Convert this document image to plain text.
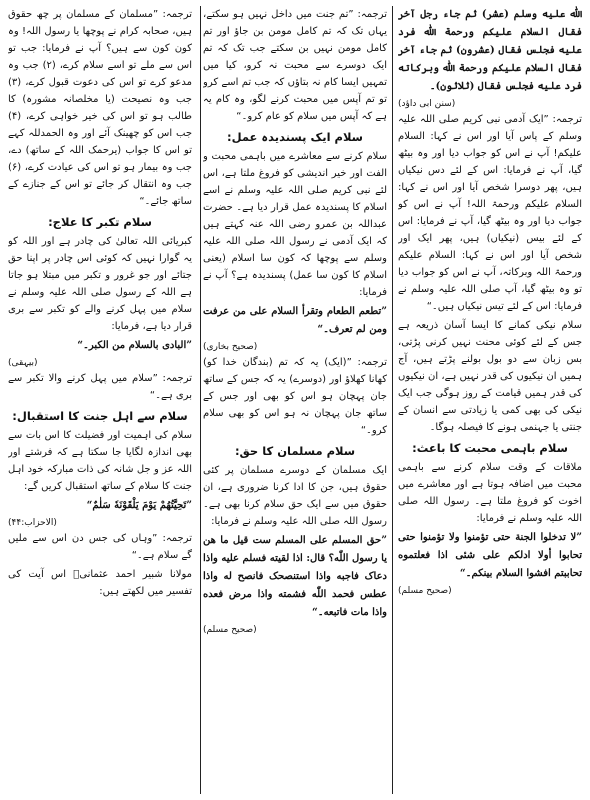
اللّٰه علیه وسلم (عشر) ثم جاء رجل آخر فقال السلام علیکم ورحمة اللّٰه فرد علیه فجلس فقال (عشرون) ثم جاء آخر فقال السلام علیکم ورحمة اللّٰه وبرکاته فرد علیه فجلس فقال (ثلاثون)۔

(سنن ابی داؤد)

ترجمہ: ”ایک آدمی نبی کریم صلی اللہ علیہ وسلم کے پاس آیا اور اس نے کہا: السلام علیکم! آپ نے اس کو جواب دیا اور وہ بیٹھ گیا، آپ نے فرمایا: اس کے لئے دس نیکیاں ہیں، پھر دوسرا شخص آیا اور اس نے کہا: السلام علیکم ورحمۃ اللہ! آپ نے اس کو جواب دیا اور وہ بیٹھ گیا، آپ نے فرمایا: اس کے لئے بیس (نیکیاں) ہیں، پھر ایک اور شخص آیا اور اس نے کہا: السلام علیکم ورحمۃ اللہ وبرکاتہ، آپ نے اس کو جواب دیا تو وہ بیٹھ گیا، آپ صلی اللہ علیہ وسلم نے فرمایا: اس کے لئے تیس نیکیاں ہیں۔“

سلام نیکی کمانے کا ایسا آسان ذریعہ ہے جس کے لئے کوئی محنت نہیں کرنی پڑتی، بس زبان سے دو بول بولنے پڑتے ہیں، آج ہمیں ان نیکیوں کی قدر نہیں ہے، ان نیکیوں کی قدر ہمیں قیامت کے روز ہوگی جب ایک نیکی کی بھی کمی یا زیادتی سے انسان کے جنتی یا جہنمی ہونے کا فیصلہ ہوگا۔

سلام باہمی محبت کا باعث:

ملاقات کے وقت سلام کرنے سے باہمی محبت میں اضافہ ہوتا ہے اور معاشرے میں اخوت کو فروغ ملتا ہے۔ رسول اللہ صلی اللہ علیہ وسلم نے فرمایا:

”لا تدخلوا الجنة حتی تؤمنوا ولا تؤمنوا حتی تحابوا أولا ادلکم علی شئی اذا فعلتموه تحاببتم افشوا السلام بینکم۔“

(صحیح مسلم)

ترجمہ: ”تم جنت میں داخل نہیں ہو سکتے، یہاں تک کہ تم کامل مومن بن جاؤ اور تم کامل مومن نہیں بن سکتے جب تک کہ تم ایک دوسرے سے محبت نہ کرو، کیا میں تمہیں ایسا کام نہ بتاؤں کہ جب تم اسے کرو تو تم آپس میں محبت کرنے لگو، وہ کام یہ ہے کہ آپس میں سلام کو عام کرو۔“

سلام ایک پسندیدہ عمل:

سلام کرنے سے معاشرے میں باہمی محبت و الفت اور خیر اندیشی کو فروغ ملتا ہے، اس لئے نبی کریم صلی اللہ علیہ وسلم نے اسے اسلام کا پسندیدہ عمل قرار دیا ہے۔ حضرت عبداللہ بن عمرو رضی اللہ عنہ کہتے ہیں کہ ایک آدمی نے رسول اللہ صلی اللہ علیہ وسلم سے پوچھا کہ کون سا اسلام (یعنی اسلام کا کون سا عمل) پسندیدہ ہے؟ آپ نے فرمایا:

”تطعم الطعام وتقرأ السلام علی من عرفت ومن لم تعرف۔“

(صحیح بخاری)

ترجمہ: ”(ایک) یہ کہ تم (بندگان خدا کو) کھانا کھلاؤ اور (دوسرے) یہ کہ جس کے ساتھ جان پہچان ہو اس کو بھی اور جس کے ساتھ جان پہچان نہ ہو اس کو بھی سلام کرو۔“

سلام مسلمان کا حق:

ایک مسلمان کے دوسرے مسلمان پر کئی حقوق ہیں، جن کا ادا کرنا ضروری ہے، ان حقوق میں سے ایک حق سلام کرنا بھی ہے۔ رسول اللہ صلی اللہ علیہ وسلم نے فرمایا:

”حق المسلم علی المسلم ست قیل ما هن یا رسول اللّٰه؟ قال: اذا لقیته فسلم علیه واذا دعاک فاجبه واذا استنصحک فانصح له واذا عطس فحمد اللّٰه فشمته واذا مرض فعده واذا مات فاتبعه۔“

(صحیح مسلم)

ترجمہ: ”مسلمان کے مسلمان پر چھ حقوق ہیں، صحابہ کرام نے پوچھا یا رسول اللہ! وہ کون کون سے ہیں؟ آپ نے فرمایا: جب تو اس سے ملے تو اسے سلام کرے، (۲) جب وہ مدعو کرے تو اس کی دعوت قبول کرے، (۳) جب وہ نصیحت (یا مخلصانہ مشورہ) کا طالب ہو تو اس کی خیر خواہی کرے، (۴) جب اس کو چھینک آئے اور وہ الحمدللہ کہے تو اس کا جواب (یرحمک اللہ کے ساتھ) دے، جب وہ بیمار ہو تو اس کی عیادت کرے، (۶) جب وہ انتقال کر جائے تو اس کے جنازے کے ساتھ جائے۔“

سلام تکبر کا علاج:

کبریائی اللہ تعالیٰ کی چادر ہے اور اللہ کو یہ گوارا نہیں کہ کوئی اس چادر پر اپنا حق جتائے اور جو غرور و تکبر میں مبتلا ہو جاتا ہے اللہ کے رسول صلی اللہ علیہ وسلم نے سلام میں پہل کرنے والے کو تکبر سے بری قرار دیا ہے، فرمایا:

”البادی بالسلام من الکبر۔“

(بیہقی)

ترجمہ: ”سلام میں پہل کرنے والا تکبر سے بری ہے۔“

سلام سے اہل جنت کا استقبال:

سلام کی اہمیت اور فضیلت کا اس بات سے بھی اندازہ لگایا جا سکتا ہے کہ فرشتے اور اللہ عز و جل شانہ کی ذات مبارکہ خود اہل جنت کا سلام کے ساتھ استقبال کریں گے:

”تَحِیَّتُهُمْ یَوْمَ یَلْقَوْنَهٗ سَلٰمٌ“

(الاحزاب:۴۴)

ترجمہ: ”وہاں کی جس دن اس سے ملیں گے سلام ہے۔“

مولانا شبیر احمد عثمانیؒ اس آیت کی تفسیر میں لکھتے ہیں:
